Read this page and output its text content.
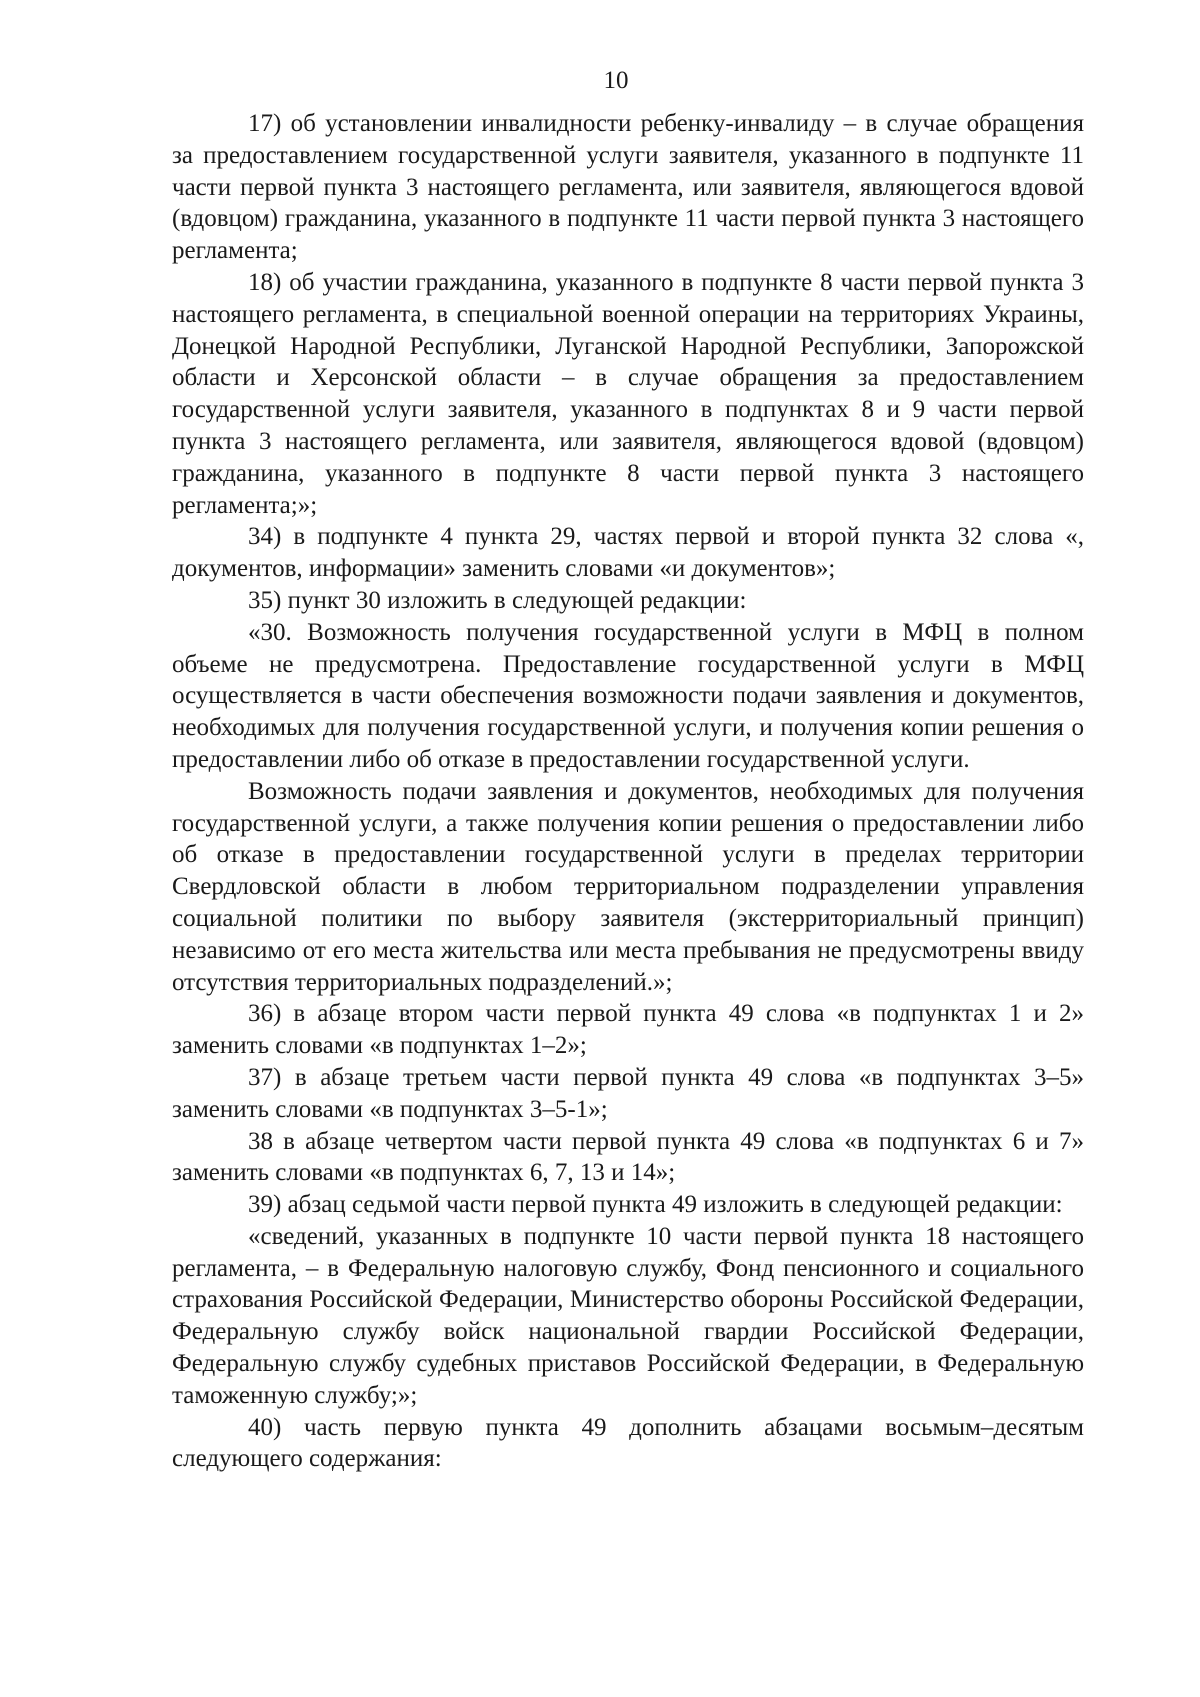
10

17) об установлении инвалидности ребенку-инвалиду – в случае обращения за предоставлением государственной услуги заявителя, указанного в подпункте 11 части первой пункта 3 настоящего регламента, или заявителя, являющегося вдовой (вдовцом) гражданина, указанного в подпункте 11 части первой пункта 3 настоящего регламента;

18) об участии гражданина, указанного в подпункте 8 части первой пункта 3 настоящего регламента, в специальной военной операции на территориях Украины, Донецкой Народной Республики, Луганской Народной Республики, Запорожской области и Херсонской области – в случае обращения за предоставлением государственной услуги заявителя, указанного в подпунктах 8 и 9 части первой пункта 3 настоящего регламента, или заявителя, являющегося вдовой (вдовцом) гражданина, указанного в подпункте 8 части первой пункта 3 настоящего регламента;»;

34) в подпункте 4 пункта 29, частях первой и второй пункта 32 слова «, документов, информации» заменить словами «и документов»;

35) пункт 30 изложить в следующей редакции:

«30. Возможность получения государственной услуги в МФЦ в полном объеме не предусмотрена. Предоставление государственной услуги в МФЦ осуществляется в части обеспечения возможности подачи заявления и документов, необходимых для получения государственной услуги, и получения копии решения о предоставлении либо об отказе в предоставлении государственной услуги.

Возможность подачи заявления и документов, необходимых для получения государственной услуги, а также получения копии решения о предоставлении либо об отказе в предоставлении государственной услуги в пределах территории Свердловской области в любом территориальном подразделении управления социальной политики по выбору заявителя (экстерриториальный принцип) независимо от его места жительства или места пребывания не предусмотрены ввиду отсутствия территориальных подразделений.»;

36) в абзаце втором части первой пункта 49 слова «в подпунктах 1 и 2» заменить словами «в подпунктах 1–2»;

37) в абзаце третьем части первой пункта 49 слова «в подпунктах 3–5» заменить словами «в подпунктах 3–5-1»;

38 в абзаце четвертом части первой пункта 49 слова «в подпунктах 6 и 7» заменить словами «в подпунктах 6, 7, 13 и 14»;

39) абзац седьмой части первой пункта 49 изложить в следующей редакции:

«сведений, указанных в подпункте 10 части первой пункта 18 настоящего регламента, – в Федеральную налоговую службу, Фонд пенсионного и социального страхования Российской Федерации, Министерство обороны Российской Федерации, Федеральную службу войск национальной гвардии Российской Федерации, Федеральную службу судебных приставов Российской Федерации, в Федеральную таможенную службу;»;

40) часть первую пункта 49 дополнить абзацами восьмым–десятым следующего содержания:
